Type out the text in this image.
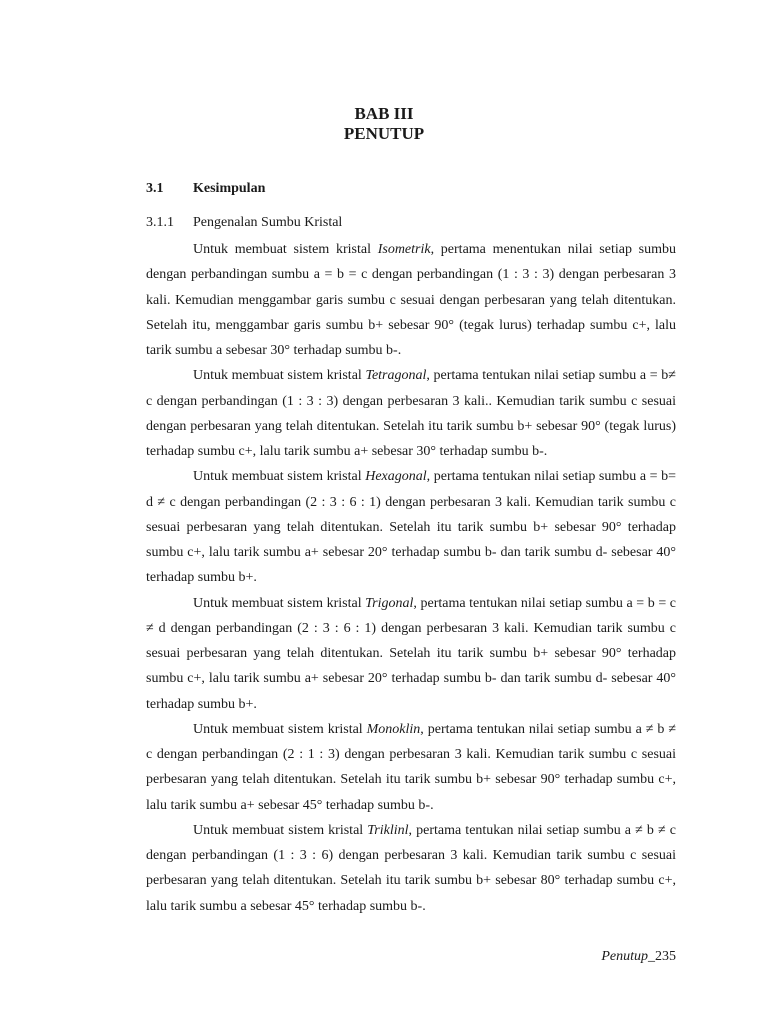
BAB III
PENUTUP
3.1 Kesimpulan
3.1.1 Pengenalan Sumbu Kristal

Untuk membuat sistem kristal Isometrik, pertama menentukan nilai setiap sumbu dengan perbandingan sumbu a = b = c dengan perbandingan (1 : 3 : 3) dengan perbesaran 3 kali. Kemudian menggambar garis sumbu c sesuai dengan perbesaran yang telah ditentukan. Setelah itu, menggambar garis sumbu b+ sebesar 90° (tegak lurus) terhadap sumbu c+, lalu tarik sumbu a sebesar 30° terhadap sumbu b-.

Untuk membuat sistem kristal Tetragonal, pertama tentukan nilai setiap sumbu a = b≠ c dengan perbandingan (1 : 3 : 3) dengan perbesaran 3 kali.. Kemudian tarik sumbu c sesuai dengan perbesaran yang telah ditentukan. Setelah itu tarik sumbu b+ sebesar 90° (tegak lurus) terhadap sumbu c+, lalu tarik sumbu a+ sebesar 30° terhadap sumbu b-.

Untuk membuat sistem kristal Hexagonal, pertama tentukan nilai setiap sumbu a = b= d ≠ c dengan perbandingan (2 : 3 : 6 : 1) dengan perbesaran 3 kali. Kemudian tarik sumbu c sesuai perbesaran yang telah ditentukan. Setelah itu tarik sumbu b+ sebesar 90° terhadap sumbu c+, lalu tarik sumbu a+ sebesar 20° terhadap sumbu b- dan tarik sumbu d- sebesar 40° terhadap sumbu b+.

Untuk membuat sistem kristal Trigonal, pertama tentukan nilai setiap sumbu a = b = c ≠ d dengan perbandingan (2 : 3 : 6 : 1) dengan perbesaran 3 kali. Kemudian tarik sumbu c sesuai perbesaran yang telah ditentukan. Setelah itu tarik sumbu b+ sebesar 90° terhadap sumbu c+, lalu tarik sumbu a+ sebesar 20° terhadap sumbu b- dan tarik sumbu d- sebesar 40° terhadap sumbu b+.

Untuk membuat sistem kristal Monoklin, pertama tentukan nilai setiap sumbu a ≠ b ≠ c dengan perbandingan (2 : 1 : 3) dengan perbesaran 3 kali. Kemudian tarik sumbu c sesuai perbesaran yang telah ditentukan. Setelah itu tarik sumbu b+ sebesar 90° terhadap sumbu c+, lalu tarik sumbu a+ sebesar 45° terhadap sumbu b-.

Untuk membuat sistem kristal Triklinl, pertama tentukan nilai setiap sumbu a ≠ b ≠ c dengan perbandingan (1 : 3 : 6) dengan perbesaran 3 kali. Kemudian tarik sumbu c sesuai perbesaran yang telah ditentukan. Setelah itu tarik sumbu b+ sebesar 80° terhadap sumbu c+, lalu tarik sumbu a sebesar 45° terhadap sumbu b-.

Penutup_235
